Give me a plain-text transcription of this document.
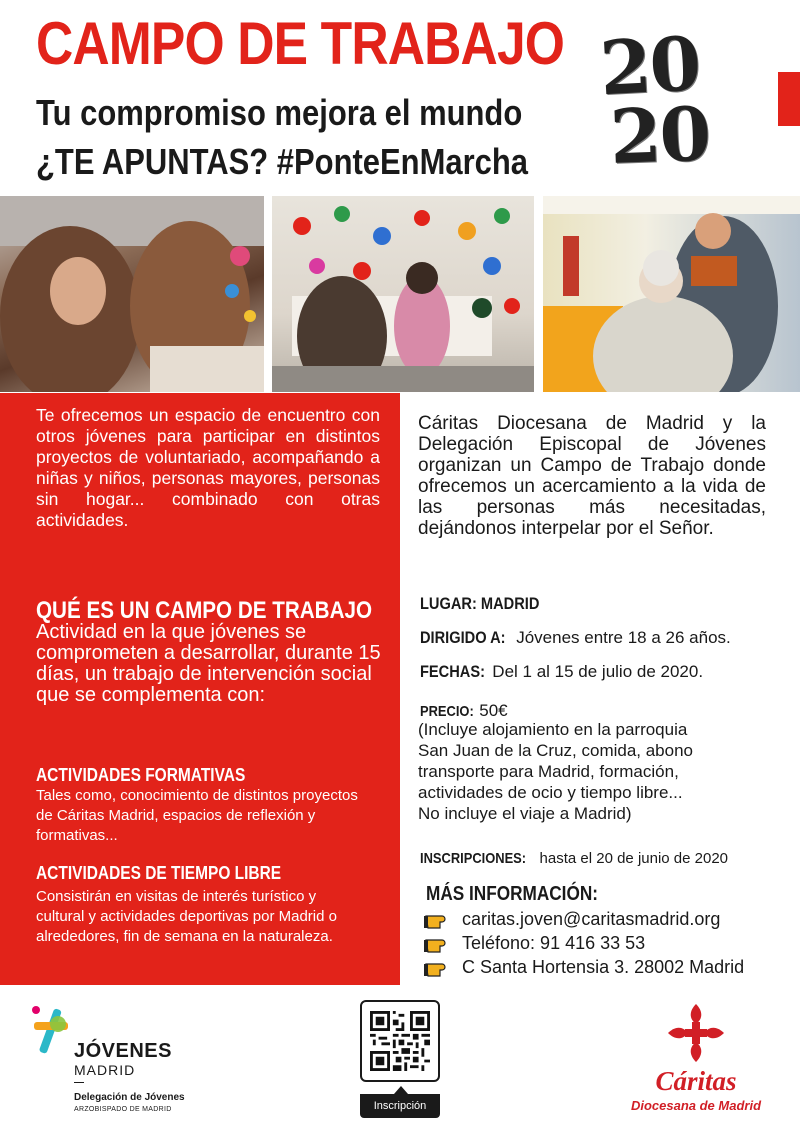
CAMPO DE TRABAJO
Tu compromiso mejora el mundo
¿TE APUNTAS? #PonteEnMarcha
20
20

Te ofrecemos un espacio de encuentro con otros jóvenes para participar en distintos proyectos de voluntariado, acompañando a niñas y niños, personas mayores, personas sin hogar... combinado con otras actividades.

QUÉ ES UN CAMPO DE TRABAJO

Actividad en la que jóvenes se comprometen a desarrollar, durante 15 días, un trabajo de intervención social que se complementa con:

ACTIVIDADES FORMATIVAS

Tales como, conocimiento de distintos proyectos de Cáritas Madrid, espacios de reflexión y formativas...

ACTIVIDADES DE TIEMPO LIBRE

Consistirán en visitas de interés turístico y cultural y actividades deportivas por Madrid o alrededores, fin de semana en la naturaleza.

Cáritas Diocesana de Madrid y la Delegación Episcopal de Jóvenes organizan un Campo de Trabajo donde ofrecemos un acercamiento a la vida de las personas más necesitadas, dejándonos interpelar por el Señor.

LUGAR: MADRID
DIRIGIDO A: Jóvenes entre 18 a 26 años.
FECHAS: Del 1 al 15 de julio de 2020.
PRECIO: 50€

(Incluye alojamiento en la parroquia
San Juan de la Cruz, comida, abono
transporte para Madrid, formación,
actividades de ocio y tiempo libre...
No incluye el viaje a Madrid)

INSCRIPCIONES: hasta el 20 de junio de 2020
MÁS INFORMACIÓN:
caritas.joven@caritasmadrid.org
Teléfono: 91 416 33 53
C Santa Hortensia 3. 28002 Madrid
JÓVENES
MADRID
Delegación de Jóvenes
ARZOBISPADO DE MADRID	Inscripción
Cáritas
Diocesana de Madrid
